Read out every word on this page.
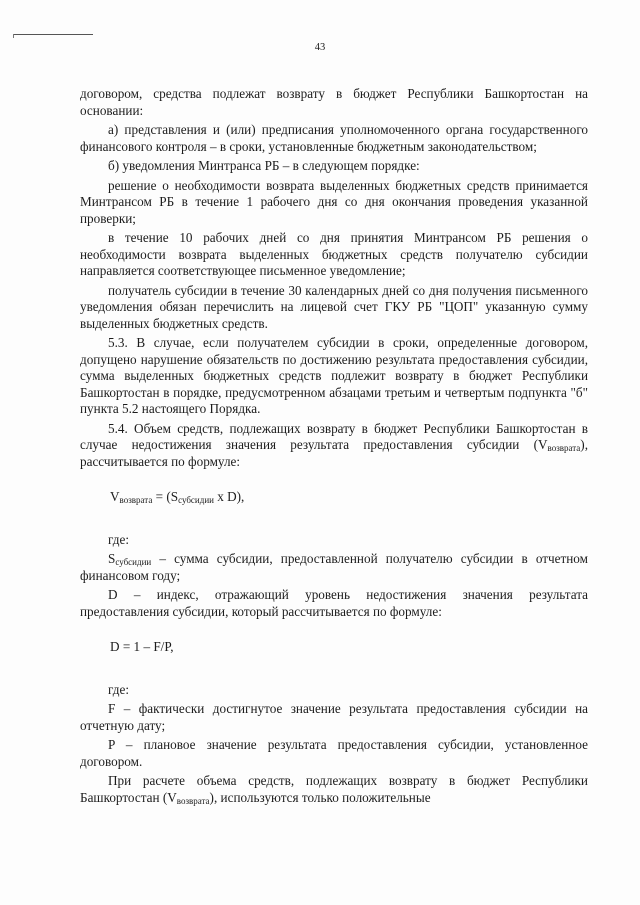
43

договором, средства подлежат возврату в бюджет Республики Башкортостан на основании:

а) представления и (или) предписания уполномоченного органа государственного финансового контроля – в сроки, установленные бюджетным законодательством;

б) уведомления Минтранса РБ – в следующем порядке:

решение о необходимости возврата выделенных бюджетных средств принимается Минтрансом РБ в течение 1 рабочего дня со дня окончания проведения указанной проверки;

в течение 10 рабочих дней со дня принятия Минтрансом РБ решения о необходимости возврата выделенных бюджетных средств получателю субсидии направляется соответствующее письменное уведомление;

получатель субсидии в течение 30 календарных дней со дня получения письменного уведомления обязан перечислить на лицевой счет ГКУ РБ "ЦОП" указанную сумму выделенных бюджетных средств.

5.3. В случае, если получателем субсидии в сроки, определенные договором, допущено нарушение обязательств по достижению результата предоставления субсидии, сумма выделенных бюджетных средств подлежит возврату в бюджет Республики Башкортостан в порядке, предусмотренном абзацами третьим и четвертым подпункта "б" пункта 5.2 настоящего Порядка.

5.4. Объем средств, подлежащих возврату в бюджет Республики Башкортостан в случае недостижения значения результата предоставления субсидии $(V_{возврата})$, рассчитывается по формуле:

$V_{возврата} = (S_{субсидии}$ x D),

где:

$S_{субсидии}$ – сумма субсидии, предоставленной получателю субсидии в отчетном финансовом году;

D – индекс, отражающий уровень недостижения значения результата предоставления субсидии, который рассчитывается по формуле:

D = 1 – F/P,

где:

F – фактически достигнутое значение результата предоставления субсидии на отчетную дату;

P – плановое значение результата предоставления субсидии, установленное договором.

При расчете объема средств, подлежащих возврату в бюджет Республики Башкортостан $(V_{возврата})$, используются только положительные
